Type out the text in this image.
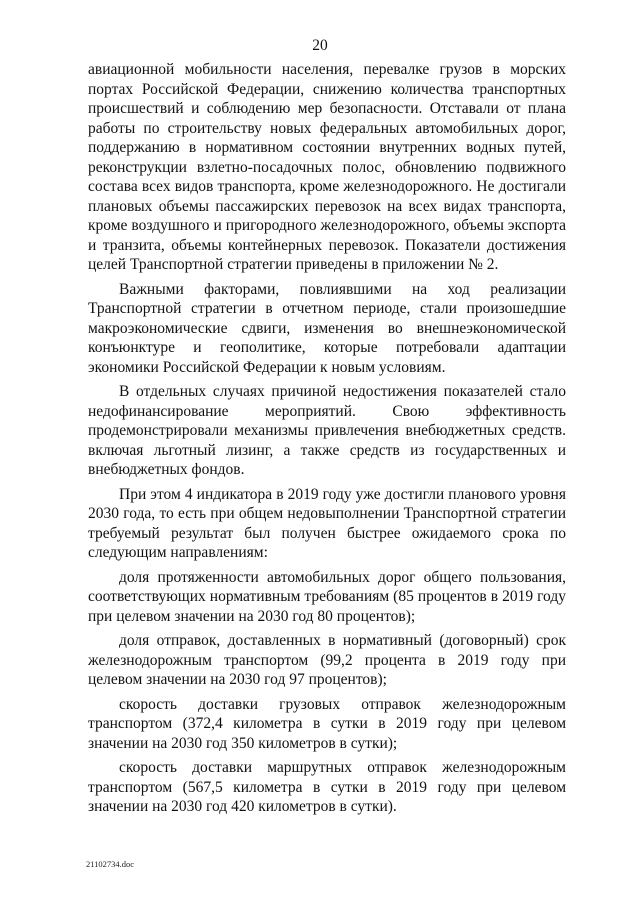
20

авиационной мобильности населения, перевалке грузов в морских портах Российской Федерации, снижению количества транспортных происшествий и соблюдению мер безопасности. Отставали от плана работы по строительству новых федеральных автомобильных дорог, поддержанию в нормативном состоянии внутренних водных путей, реконструкции взлетно-посадочных полос, обновлению подвижного состава всех видов транспорта, кроме железнодорожного. Не достигали плановых объемы пассажирских перевозок на всех видах транспорта, кроме воздушного и пригородного железнодорожного, объемы экспорта и транзита, объемы контейнерных перевозок. Показатели достижения целей Транспортной стратегии приведены в приложении № 2.

Важными факторами, повлиявшими на ход реализации Транспортной стратегии в отчетном периоде, стали произошедшие макроэкономические сдвиги, изменения во внешнеэкономической конъюнктуре и геополитике, которые потребовали адаптации экономики Российской Федерации к новым условиям.

В отдельных случаях причиной недостижения показателей стало недофинансирование мероприятий. Свою эффективность продемонстрировали механизмы привлечения внебюджетных средств. включая льготный лизинг, а также средств из государственных и внебюджетных фондов.

При этом 4 индикатора в 2019 году уже достигли планового уровня 2030 года, то есть при общем недовыполнении Транспортной стратегии требуемый результат был получен быстрее ожидаемого срока по следующим направлениям:

доля протяженности автомобильных дорог общего пользования, соответствующих нормативным требованиям (85 процентов в 2019 году при целевом значении на 2030 год 80 процентов);

доля отправок, доставленных в нормативный (договорный) срок железнодорожным транспортом (99,2 процента в 2019 году при целевом значении на 2030 год 97 процентов);

скорость доставки грузовых отправок железнодорожным транспортом (372,4 километра в сутки в 2019 году при целевом значении на 2030 год 350 километров в сутки);

скорость доставки маршрутных отправок железнодорожным транспортом (567,5 километра в сутки в 2019 году при целевом значении на 2030 год 420 километров в сутки).

21102734.doc
